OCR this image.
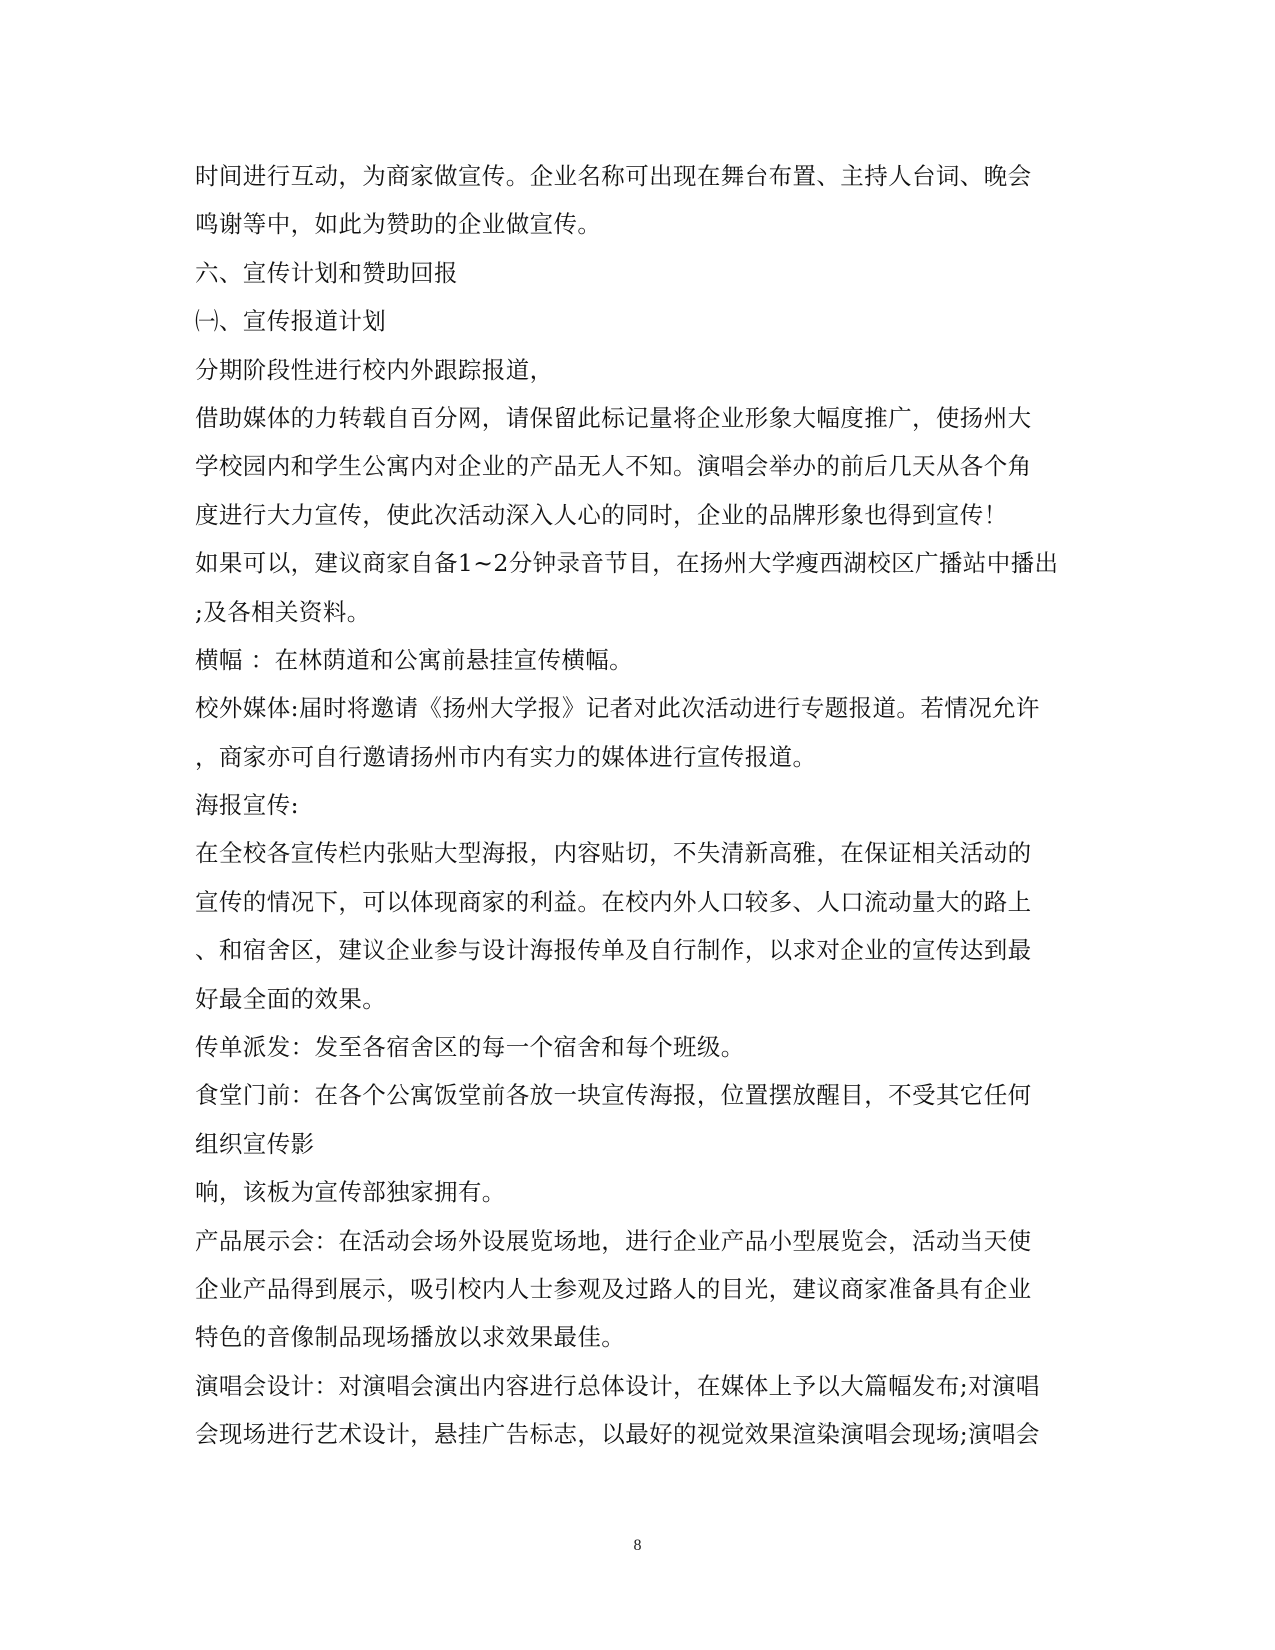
时间进行互动，为商家做宣传。企业名称可出现在舞台布置、主持人台词、晚会
鸣谢等中，如此为赞助的企业做宣传。
六、宣传计划和赞助回报
㈠、宣传报道计划
分期阶段性进行校内外跟踪报道，
借助媒体的力转载自百分网，请保留此标记量将企业形象大幅度推广，使扬州大
学校园内和学生公寓内对企业的产品无人不知。演唱会举办的前后几天从各个角
度进行大力宣传，使此次活动深入人心的同时，企业的品牌形象也得到宣传！
如果可以，建议商家自备1~2分钟录音节目，在扬州大学瘦西湖校区广播站中播出
;及各相关资料。
横幅 ：在林荫道和公寓前悬挂宣传横幅。
校外媒体:届时将邀请《扬州大学报》记者对此次活动进行专题报道。若情况允许
，商家亦可自行邀请扬州市内有实力的媒体进行宣传报道。
海报宣传:
在全校各宣传栏内张贴大型海报，内容贴切，不失清新高雅，在保证相关活动的
宣传的情况下，可以体现商家的利益。在校内外人口较多、人口流动量大的路上
、和宿舍区，建议企业参与设计海报传单及自行制作，以求对企业的宣传达到最
好最全面的效果。
传单派发：发至各宿舍区的每一个宿舍和每个班级。
食堂门前：在各个公寓饭堂前各放一块宣传海报，位置摆放醒目，不受其它任何
组织宣传影
响，该板为宣传部独家拥有。
产品展示会：在活动会场外设展览场地，进行企业产品小型展览会，活动当天使
企业产品得到展示，吸引校内人士参观及过路人的目光，建议商家准备具有企业
特色的音像制品现场播放以求效果最佳。
演唱会设计：对演唱会演出内容进行总体设计，在媒体上予以大篇幅发布;对演唱
会现场进行艺术设计，悬挂广告标志，以最好的视觉效果渲染演唱会现场;演唱会
8
